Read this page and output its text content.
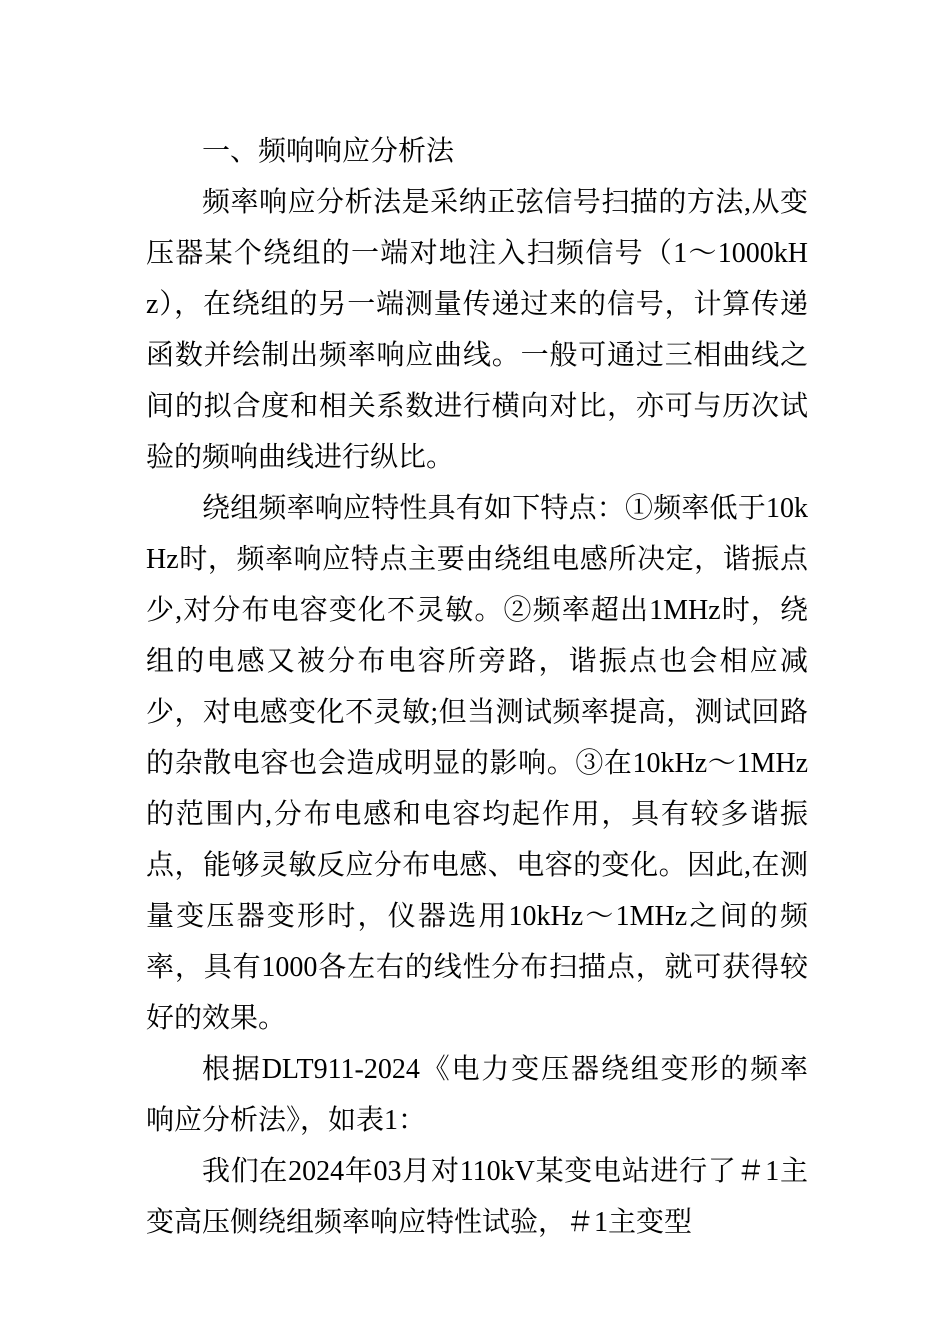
一、频响响应分析法

频率响应分析法是采纳正弦信号扫描的方法,从变压器某个绕组的一端对地注入扫频信号（1～1000kHz），在绕组的另一端测量传递过来的信号，计算传递函数并绘制出频率响应曲线。一般可通过三相曲线之间的拟合度和相关系数进行横向对比，亦可与历次试验的频响曲线进行纵比。

绕组频率响应特性具有如下特点：①频率低于10kHz时，频率响应特点主要由绕组电感所决定，谐振点少,对分布电容变化不灵敏。②频率超出1MHz时，绕组的电感又被分布电容所旁路，谐振点也会相应减少，对电感变化不灵敏;但当测试频率提高，测试回路的杂散电容也会造成明显的影响。③在10kHz～1MHz的范围内,分布电感和电容均起作用，具有较多谐振点，能够灵敏反应分布电感、电容的变化。因此,在测量变压器变形时，仪器选用10kHz～1MHz之间的频率，具有1000各左右的线性分布扫描点，就可获得较好的效果。

根据DLT911-2024《电力变压器绕组变形的频率响应分析法》，如表1：

我们在2024年03月对110kV某变电站进行了＃1主变高压侧绕组频率响应特性试验，＃1主变型
